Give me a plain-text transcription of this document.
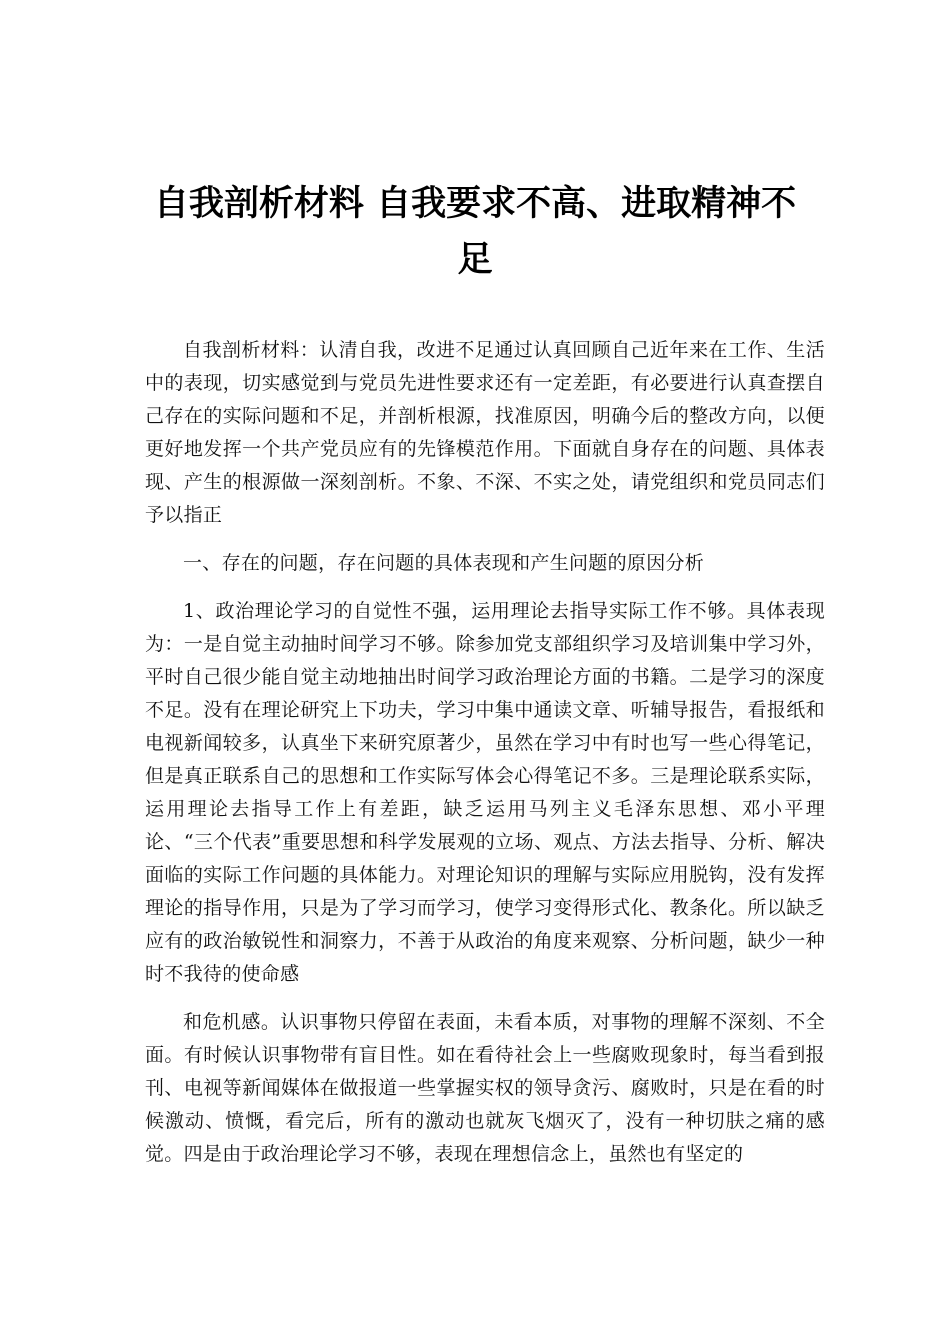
自我剖析材料 自我要求不高、进取精神不足

自我剖析材料：认清自我，改进不足通过认真回顾自己近年来在工作、生活中的表现，切实感觉到与党员先进性要求还有一定差距，有必要进行认真查摆自己存在的实际问题和不足，并剖析根源，找准原因，明确今后的整改方向，以便更好地发挥一个共产党员应有的先锋模范作用。下面就自身存在的问题、具体表现、产生的根源做一深刻剖析。不象、不深、不实之处，请党组织和党员同志们予以指正

一、存在的问题，存在问题的具体表现和产生问题的原因分析

1、政治理论学习的自觉性不强，运用理论去指导实际工作不够。具体表现为：一是自觉主动抽时间学习不够。除参加党支部组织学习及培训集中学习外，平时自己很少能自觉主动地抽出时间学习政治理论方面的书籍。二是学习的深度不足。没有在理论研究上下功夫，学习中集中通读文章、听辅导报告，看报纸和电视新闻较多，认真坐下来研究原著少，虽然在学习中有时也写一些心得笔记，但是真正联系自己的思想和工作实际写体会心得笔记不多。三是理论联系实际，运用理论去指导工作上有差距，缺乏运用马列主义毛泽东思想、邓小平理论、“三个代表”重要思想和科学发展观的立场、观点、方法去指导、分析、解决面临的实际工作问题的具体能力。对理论知识的理解与实际应用脱钩，没有发挥理论的指导作用，只是为了学习而学习，使学习变得形式化、教条化。所以缺乏应有的政治敏锐性和洞察力，不善于从政治的角度来观察、分析问题，缺少一种时不我待的使命感

和危机感。认识事物只停留在表面，未看本质，对事物的理解不深刻、不全面。有时候认识事物带有盲目性。如在看待社会上一些腐败现象时，每当看到报刊、电视等新闻媒体在做报道一些掌握实权的领导贪污、腐败时，只是在看的时候激动、愤慨，看完后，所有的激动也就灰飞烟灭了，没有一种切肤之痛的感觉。四是由于政治理论学习不够，表现在理想信念上，虽然也有坚定的
